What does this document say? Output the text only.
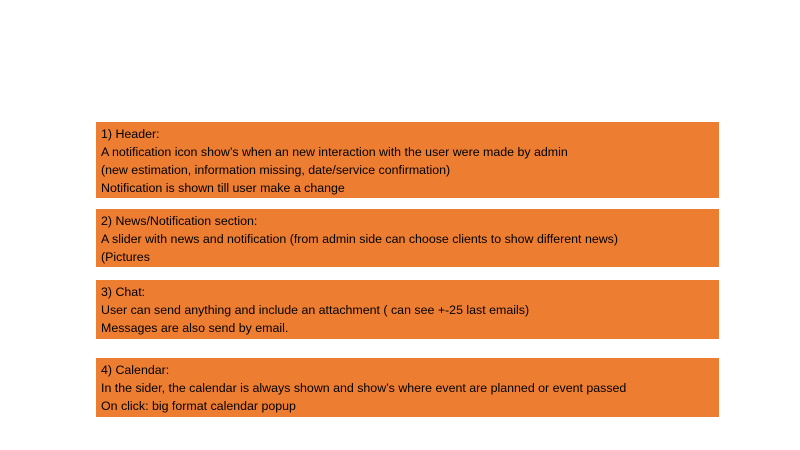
1) Header:
A notification icon show’s when an new interaction with the user were made by admin
(new estimation, information missing, date/service confirmation)
Notification is shown till user make a change
2) News/Notification section:
A slider with news and notification (from admin side can choose clients to show different news)
(Pictures
3) Chat:
User can send anything and include an attachment ( can see +-25 last emails)
Messages are also send by email.
4) Calendar:
In the sider, the calendar is always shown and show’s where event are planned or event passed
On click: big format calendar popup
